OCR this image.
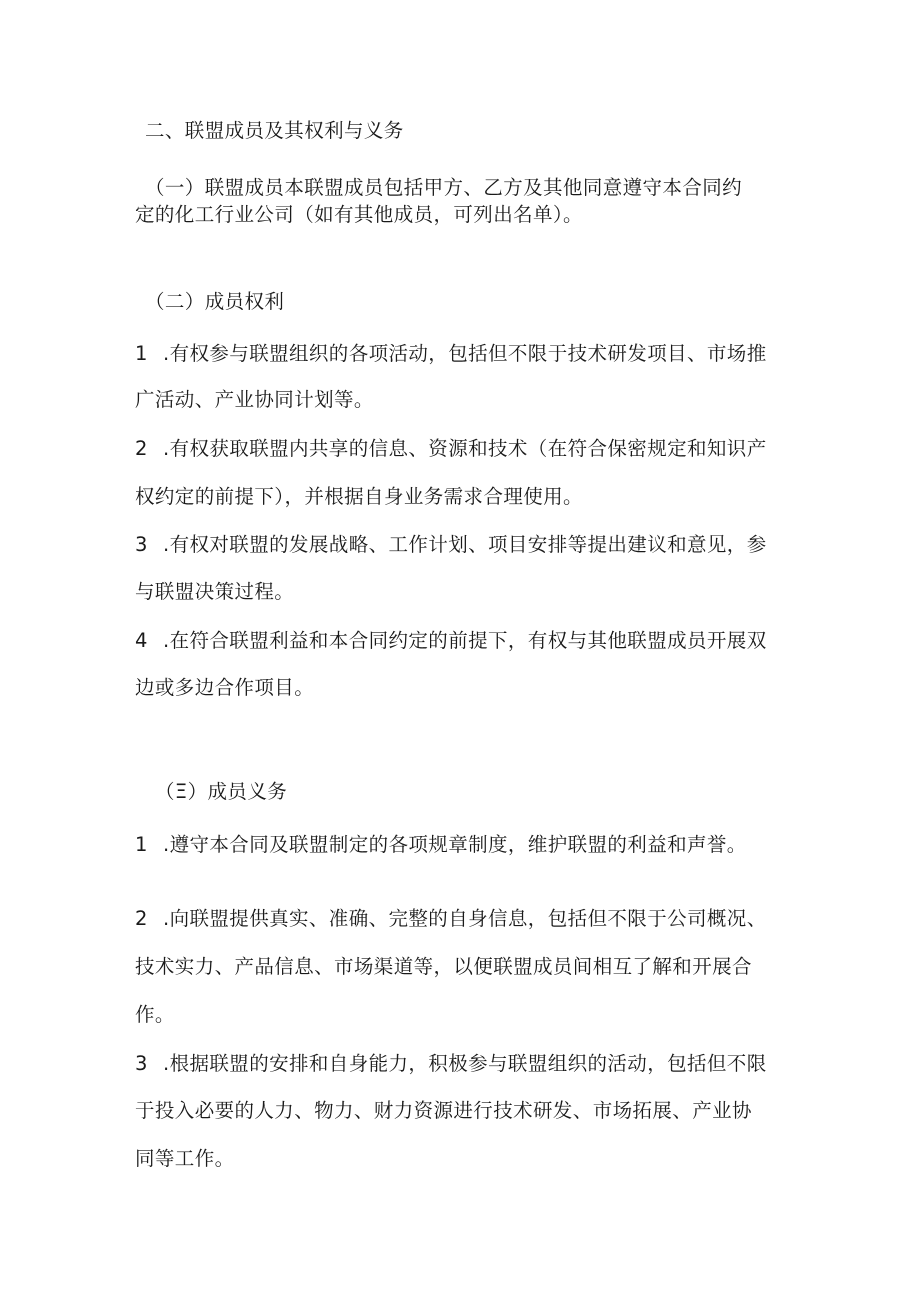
二、联盟成员及其权利与义务
（一）联盟成员本联盟成员包括甲方、乙方及其他同意遵守本合同约
定的化工行业公司（如有其他成员，可列出名单）。
（二）成员权利
1 .有权参与联盟组织的各项活动，包括但不限于技术研发项目、市场推
广活动、产业协同计划等。
2 .有权获取联盟内共享的信息、资源和技术（在符合保密规定和知识产
权约定的前提下），并根据自身业务需求合理使用。
3 .有权对联盟的发展战略、工作计划、项目安排等提出建议和意见，参
与联盟决策过程。
4 .在符合联盟利益和本合同约定的前提下，有权与其他联盟成员开展双
边或多边合作项目。
（Ξ）成员义务
1 .遵守本合同及联盟制定的各项规章制度，维护联盟的利益和声誉。
2 .向联盟提供真实、准确、完整的自身信息，包括但不限于公司概况、
技术实力、产品信息、市场渠道等，以便联盟成员间相互了解和开展合
作。
3 .根据联盟的安排和自身能力，积极参与联盟组织的活动，包括但不限
于投入必要的人力、物力、财力资源进行技术研发、市场拓展、产业协
同等工作。
